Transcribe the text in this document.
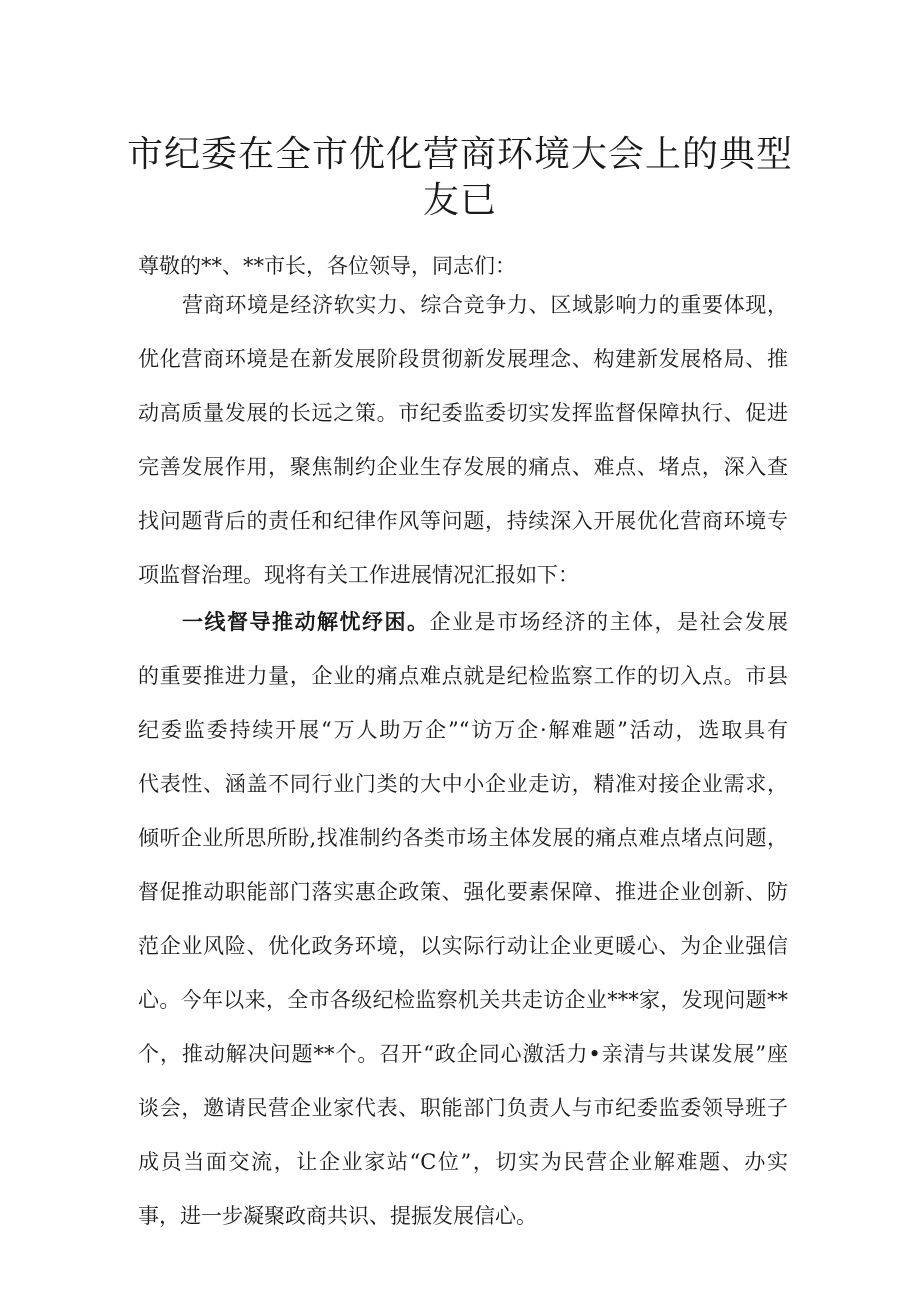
市纪委在全市优化营商环境大会上的典型
友已

尊敬的**、**市长，各位领导，同志们：

营商环境是经济软实力、综合竞争力、区域影响力的重要体现，
优化营商环境是在新发展阶段贯彻新发展理念、构建新发展格局、推
动高质量发展的长远之策。市纪委监委切实发挥监督保障执行、促进
完善发展作用，聚焦制约企业生存发展的痛点、难点、堵点，深入查
找问题背后的责任和纪律作风等问题，持续深入开展优化营商环境专
项监督治理。现将有关工作进展情况汇报如下：
一线督导推动解忧纾困。企业是市场经济的主体，是社会发展
的重要推进力量，企业的痛点难点就是纪检监察工作的切入点。市县
纪委监委持续开展“万人助万企”“访万企·解难题”活动，选取具有
代表性、涵盖不同行业门类的大中小企业走访，精准对接企业需求，
倾听企业所思所盼,找准制约各类市场主体发展的痛点难点堵点问题，
督促推动职能部门落实惠企政策、强化要素保障、推进企业创新、防
范企业风险、优化政务环境，以实际行动让企业更暖心、为企业强信
心。今年以来，全市各级纪检监察机关共走访企业***家，发现问题**
个，推动解决问题**个。召开“政企同心激活力•亲清与共谋发展”座
谈会，邀请民营企业家代表、职能部门负责人与市纪委监委领导班子
成员当面交流，让企业家站“C位”，切实为民营企业解难题、办实
事，进一步凝聚政商共识、提振发展信心。
